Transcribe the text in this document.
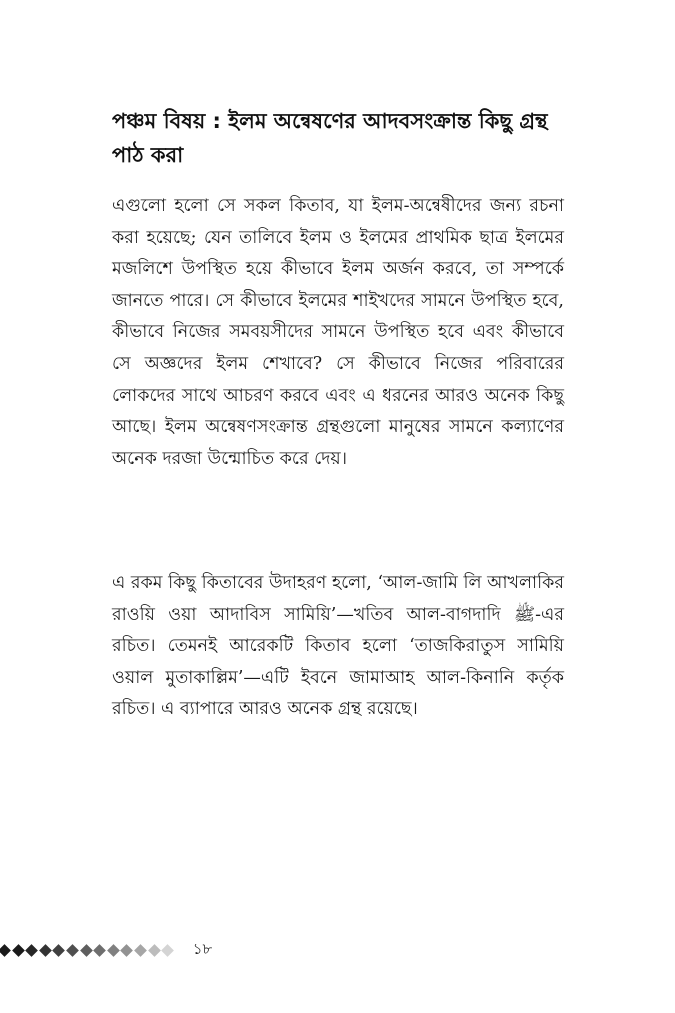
পঞ্চম বিষয় : ইলম অন্বেষণের আদবসংক্রান্ত কিছু গ্রন্থ পাঠ করা

এগুলো হলো সে সকল কিতাব, যা ইলম-অন্বেষীদের জন্য রচনা করা হয়েছে; যেন তালিবে ইলম ও ইলমের প্রাথমিক ছাত্র ইলমের মজলিশে উপস্থিত হয়ে কীভাবে ইলম অর্জন করবে, তা সম্পর্কে জানতে পারে। সে কীভাবে ইলমের শাইখদের সামনে উপস্থিত হবে, কীভাবে নিজের সমবয়সীদের সামনে উপস্থিত হবে এবং কীভাবে সে অজ্ঞদের ইলম শেখাবে? সে কীভাবে নিজের পরিবারের লোকদের সাথে আচরণ করবে এবং এ ধরনের আরও অনেক কিছু আছে। ইলম অন্বেষণসংক্রান্ত গ্রন্থগুলো মানুষের সামনে কল্যাণের অনেক দরজা উন্মোচিত করে দেয়।

এ রকম কিছু কিতাবের উদাহরণ হলো, ‘আল-জামি লি আখলাকির রাওয়ি ওয়া আদাবিস সামিয়ি’—খতিব আল-বাগদাদি ﷺ-এর রচিত। তেমনই আরেকটি কিতাব হলো ‘তাজকিরাতুস সামিয়ি ওয়াল মুতাকাল্লিম’—এটি ইবনে জামাআহ আল-কিনানি কর্তৃক রচিত। এ ব্যাপারে আরও অনেক গ্রন্থ রয়েছে।

১৮
